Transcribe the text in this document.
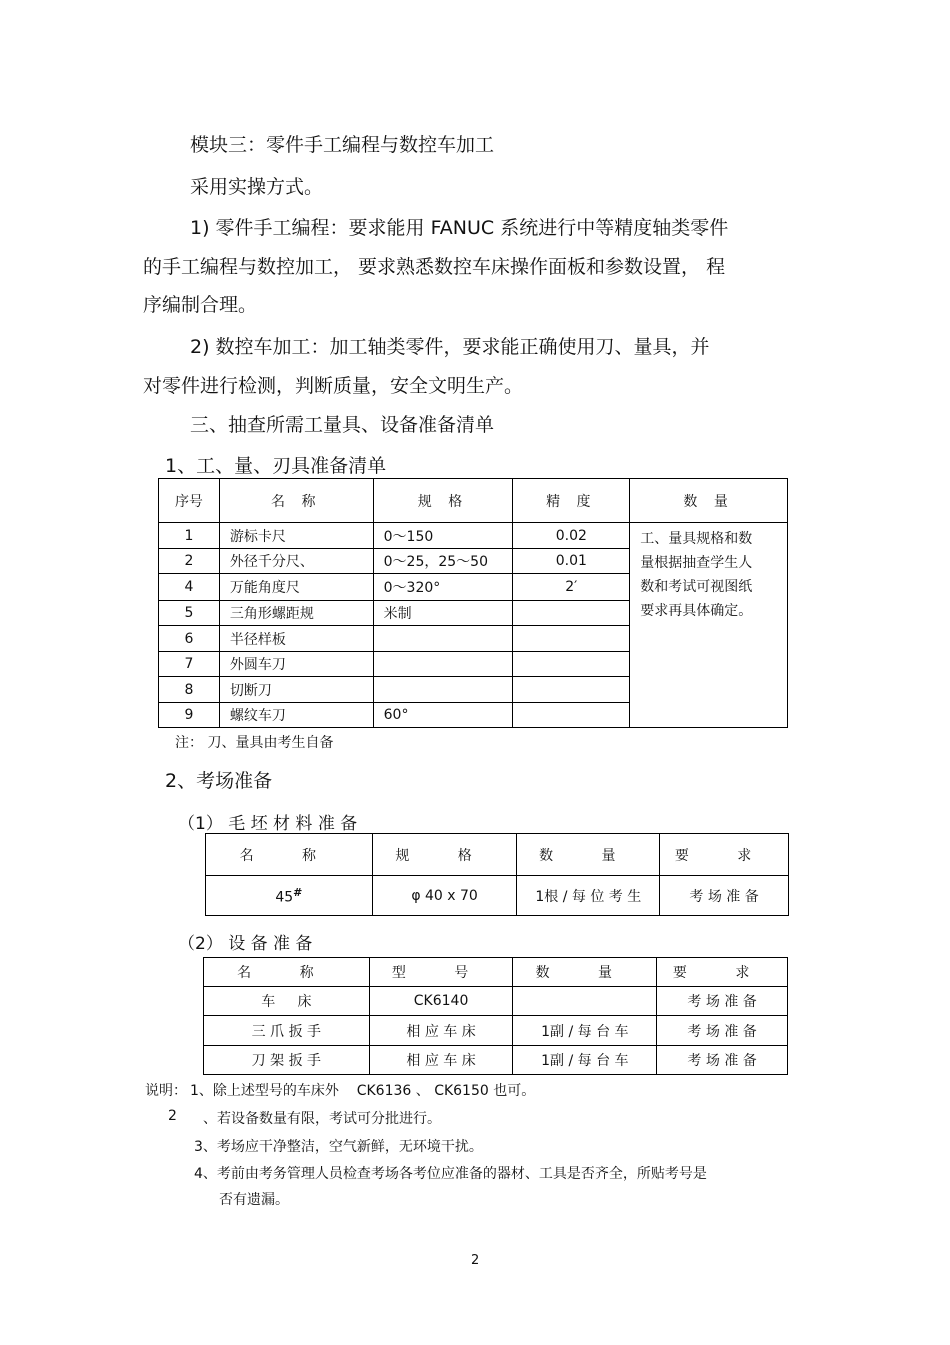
模块三：零件手工编程与数控车加工
采用实操方式。
1) 零件手工编程：要求能用 FANUC 系统进行中等精度轴类零件
的手工编程与数控加工， 要求熟悉数控车床操作面板和参数设置， 程
序编制合理。
2) 数控车加工：加工轴类零件，要求能正确使用刀、量具，并
对零件进行检测，判断质量，安全文明生产。
三、抽查所需工量具、设备准备清单
1、工、量、刃具准备清单
序号	名 称	规 格	精 度	数 量
1	游标卡尺	0～150	0.02	工、量具规格和数
量根据抽查学生人
数和考试可视图纸
要求再具体确定。

2	外径千分尺、	0～25，25～50	0.01	
4	万能角度尺	0～320°	2′	
5	三角形螺距规	米制		
6	半径样板			
7	外圆车刀			
8	切断刀			
9	螺纹车刀	60°		
注： 刀、量具由考生自备
2、考场准备
（1） 毛 坯 材 料 准 备
名 称	规 格	数 量	要 求
45#	φ 40 x 70	1根 / 每 位 考 生	考 场 准 备
（2） 设 备 准 备
名 称	型 号	数 量	要 求
车     床	CK6140		考 场 准 备
三 爪 扳 手	相 应 车 床	1副 / 每 台 车	考 场 准 备
刀 架 扳 手	相 应 车 床	1副 / 每 台 车	考 场 准 备
说明： 1、除上述型号的车床外    CK6136 、 CK6150 也可。
2 、若设备数量有限，考试可分批进行。
3、考场应干净整洁，空气新鲜，无环境干扰。
4、考前由考务管理人员检查考场各考位应准备的器材、工具是否齐全，所贴考号是
否有遗漏。
2
